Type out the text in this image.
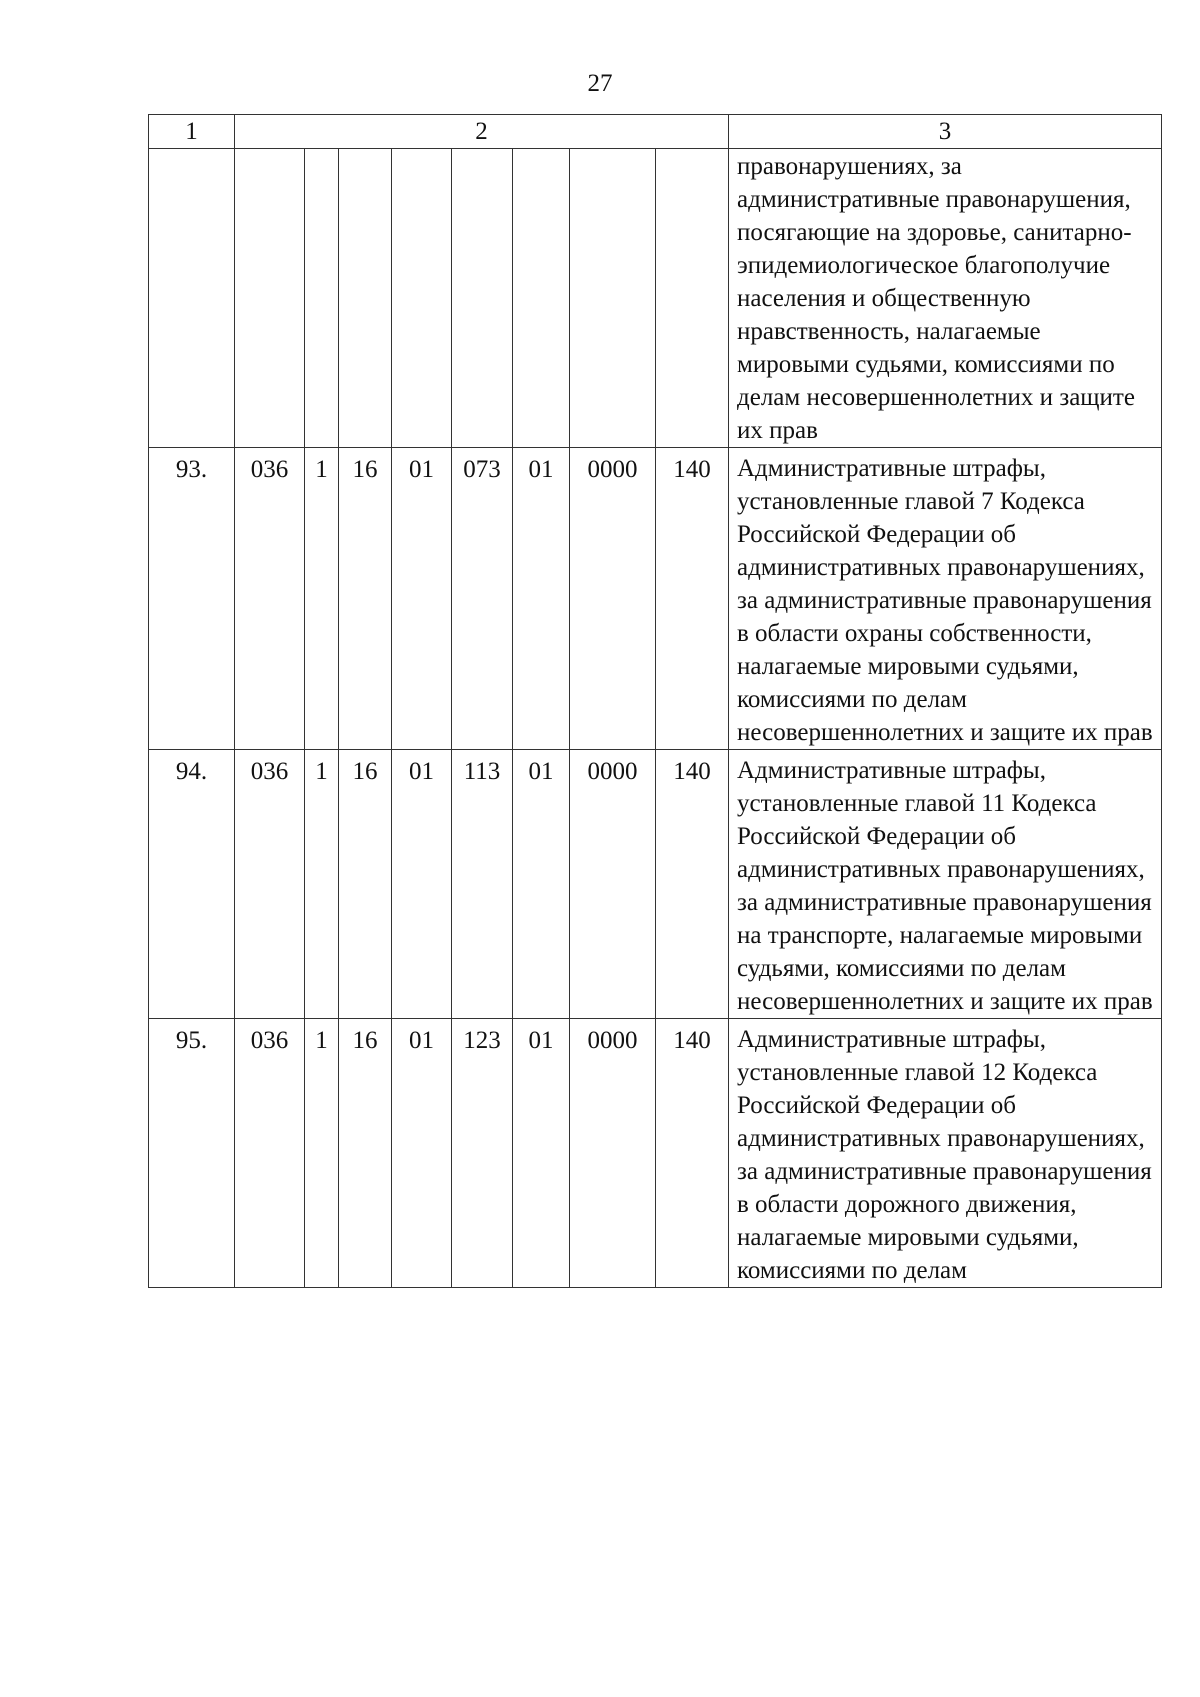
27
1	2								3
									правонарушениях, за административные правонарушения, посягающие на здоровье, санитарно-эпидемиологическое благополучие населения и общественную нравственность, налагаемые мировыми судьями, комиссиями по делам несовершеннолетних и защите их прав
93.	036	1	16	01	073	01	0000	140	Административные штрафы, установленные главой 7 Кодекса Российской Федерации об административных правонарушениях, за административные правонарушения в области охраны собственности, налагаемые мировыми судьями, комиссиями по делам несовершеннолетних и защите их прав
94.	036	1	16	01	113	01	0000	140	Административные штрафы, установленные главой 11 Кодекса Российской Федерации об административных правонарушениях, за административные правонарушения на транспорте, налагаемые мировыми судьями, комиссиями по делам несовершеннолетних и защите их прав
95.	036	1	16	01	123	01	0000	140	Административные штрафы, установленные главой 12 Кодекса Российской Федерации об административных правонарушениях, за административные правонарушения в области дорожного движения, налагаемые мировыми судьями, комиссиями по делам
